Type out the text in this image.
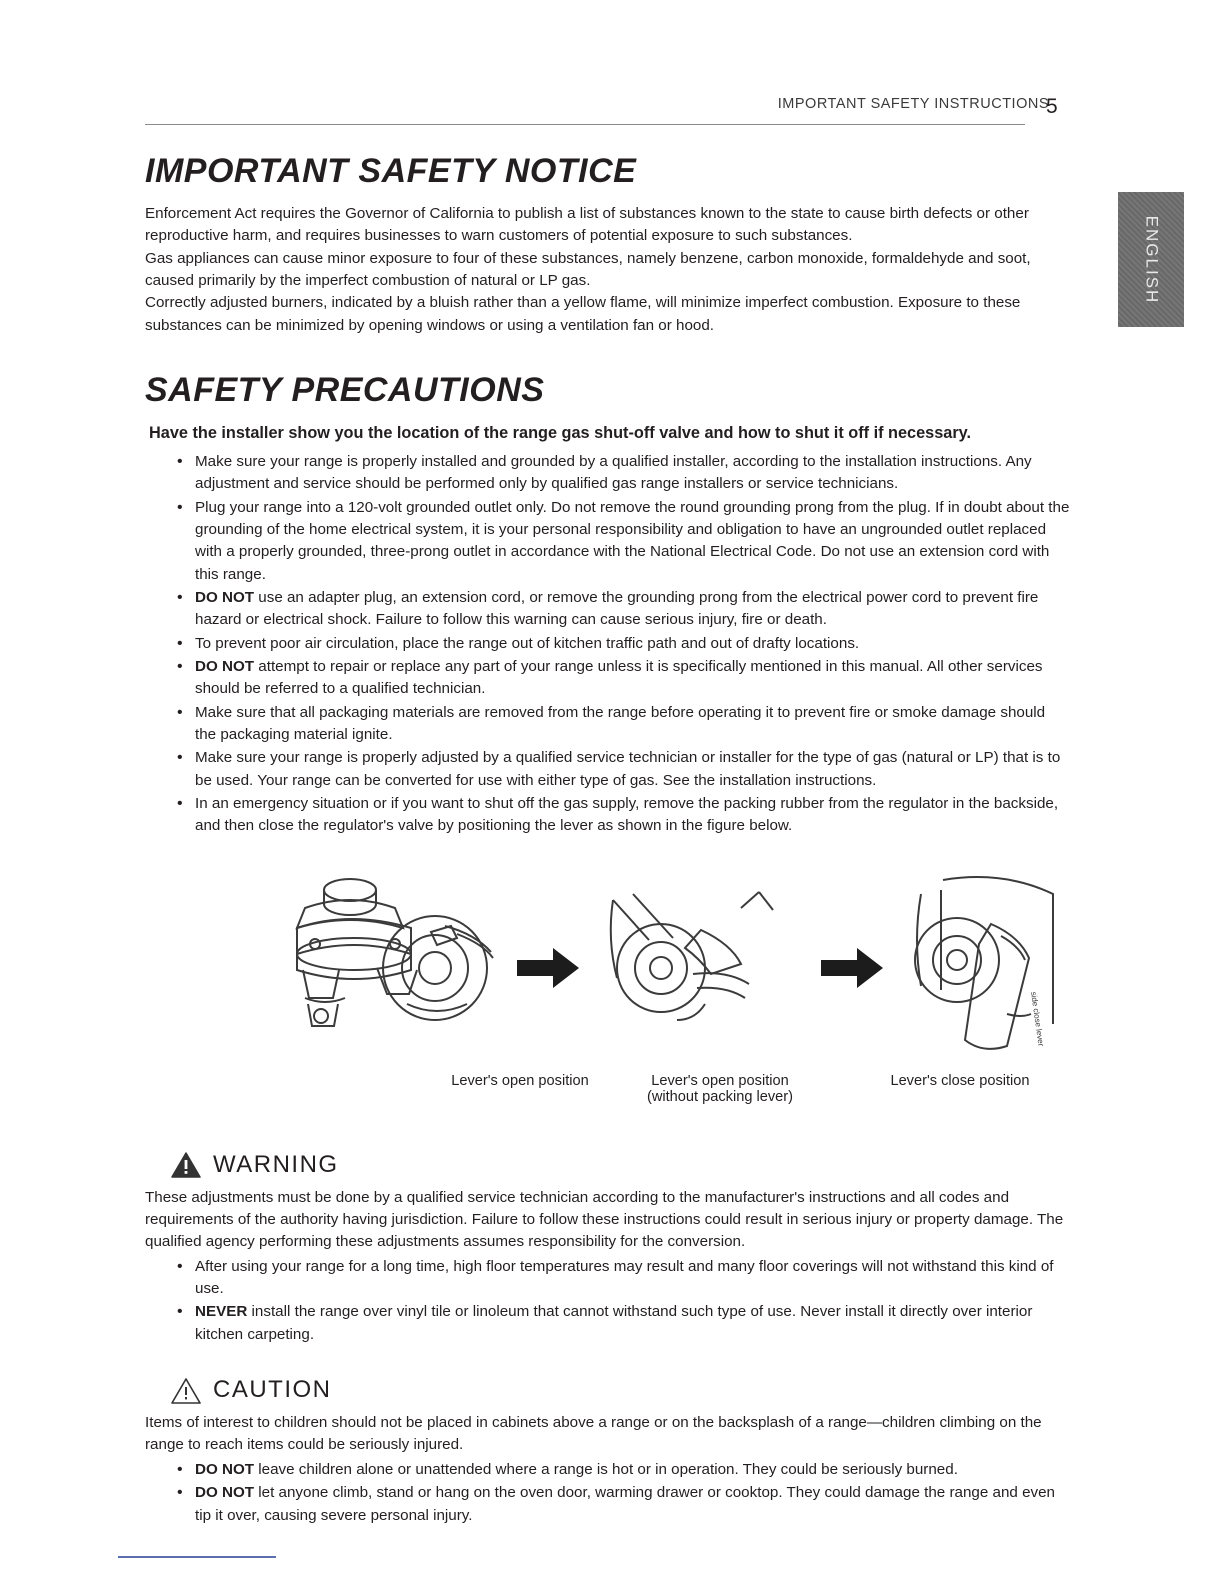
IMPORTANT SAFETY INSTRUCTIONS
5
ENGLISH
IMPORTANT SAFETY NOTICE

Enforcement Act requires the Governor of California to publish a list of substances known to the state to cause birth defects or other reproductive harm, and requires businesses to warn customers of potential exposure to such substances.
Gas appliances can cause minor exposure to four of these substances, namely benzene, carbon monoxide, formaldehyde and soot, caused primarily by the imperfect combustion of natural or LP gas.
Correctly adjusted burners, indicated by a bluish rather than a yellow flame, will minimize imperfect combustion. Exposure to these substances can be minimized by opening windows or using a ventilation fan or hood.

SAFETY PRECAUTIONS
Have the installer show you the location of the range gas shut-off valve and how to shut it off if necessary.
• Make sure your range is properly installed and grounded by a qualified installer, according to the installation instructions. Any adjustment and service should be performed only by qualified gas range installers or service technicians.
• Plug your range into a 120-volt grounded outlet only. Do not remove the round grounding prong from the plug. If in doubt about the grounding of the home electrical system, it is your personal responsibility and obligation to have an ungrounded outlet replaced with a properly grounded, three-prong outlet in accordance with the National Electrical Code. Do not use an extension cord with this range.
• DO NOT use an adapter plug, an extension cord, or remove the grounding prong from the electrical power cord to prevent fire hazard or electrical shock. Failure to follow this warning can cause serious injury, fire or death.
• To prevent poor air circulation, place the range out of kitchen traffic path and out of drafty locations.
• DO NOT attempt to repair or replace any part of your range unless it is specifically mentioned in this manual. All other services should be referred to a qualified technician.
• Make sure that all packaging materials are removed from the range before operating it to prevent fire or smoke damage should the packaging material ignite.
• Make sure your range is properly adjusted by a qualified service technician or installer for the type of gas (natural or LP) that is to be used. Your range can be converted for use with either type of gas. See the installation instructions.
• In an emergency situation or if you want to shut off the gas supply, remove the packing rubber from the regulator in the backside, and then close the regulator's valve by positioning the lever as shown in the figure below.
side close lever
Lever's open position	Lever's open position
(without packing lever)
Lever's close position
WARNING

These adjustments must be done by a qualified service technician according to the manufacturer's instructions and all codes and requirements of the authority having jurisdiction. Failure to follow these instructions could result in serious injury or property damage. The qualified agency performing these adjustments assumes responsibility for the conversion.

• After using your range for a long time, high floor temperatures may result and many floor coverings will not withstand this kind of use.
• NEVER install the range over vinyl tile or linoleum that cannot withstand such type of use. Never install it directly over interior kitchen carpeting.
CAUTION

Items of interest to children should not be placed in cabinets above a range or on the backsplash of a range—children climbing on the range to reach items could be seriously injured.

• DO NOT leave children alone or unattended where a range is hot or in operation. They could be seriously burned.
• DO NOT let anyone climb, stand or hang on the oven door, warming drawer or cooktop. They could damage the range and even tip it over, causing severe personal injury.
